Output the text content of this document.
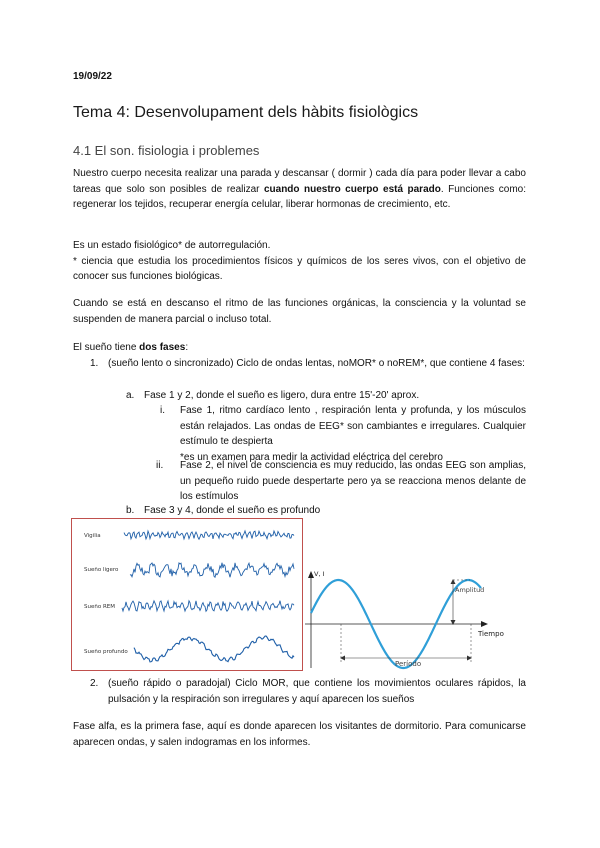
19/09/22
Tema 4: Desenvolupament dels hàbits fisiològics
4.1 El son. fisiologia i problemes
Nuestro cuerpo necesita realizar una parada y descansar ( dormir ) cada día para poder llevar a cabo tareas que solo son posibles de realizar cuando nuestro cuerpo está parado. Funciones como: regenerar los tejidos, recuperar energía celular, liberar hormonas de crecimiento, etc.
Es un estado fisiológico* de autorregulación.
* ciencia que estudia los procedimientos físicos y químicos de los seres vivos, con el objetivo de conocer sus funciones biológicas.
Cuando se está en descanso el ritmo de las funciones orgánicas, la consciencia y la voluntad se suspenden de manera parcial o incluso total.
El sueño tiene dos fases:
1. (sueño lento o sincronizado) Ciclo de ondas lentas, noMOR* o noREM*, que contiene 4 fases:
a. Fase 1 y 2, donde el sueño es ligero, dura entre 15'-20' aprox.
i. Fase 1, ritmo cardíaco lento , respiración lenta y profunda, y los músculos están relajados. Las ondas de EEG* son cambiantes e irregulares. Cualquier estímulo te despierta
*es un examen para medir la actividad eléctrica del cerebro
ii. Fase 2, el nivel de consciencia es muy reducido, las ondas EEG son amplias, un pequeño ruido puede despertarte pero ya se reacciona menos delante de los estímulos
b. Fase 3 y 4, donde el sueño es profundo
Vigilia
Sueño ligero
Sueño REM
Sueño profundo
V, I
Amplitud
Tiempo
Período
2. (sueño rápido o paradojal) Ciclo MOR, que contiene los movimientos oculares rápidos, la pulsación y la respiración son irregulares y aquí aparecen los sueños
Fase alfa, es la primera fase, aquí es donde aparecen los visitantes de dormitorio. Para comunicarse aparecen ondas, y salen indogramas en los informes.
